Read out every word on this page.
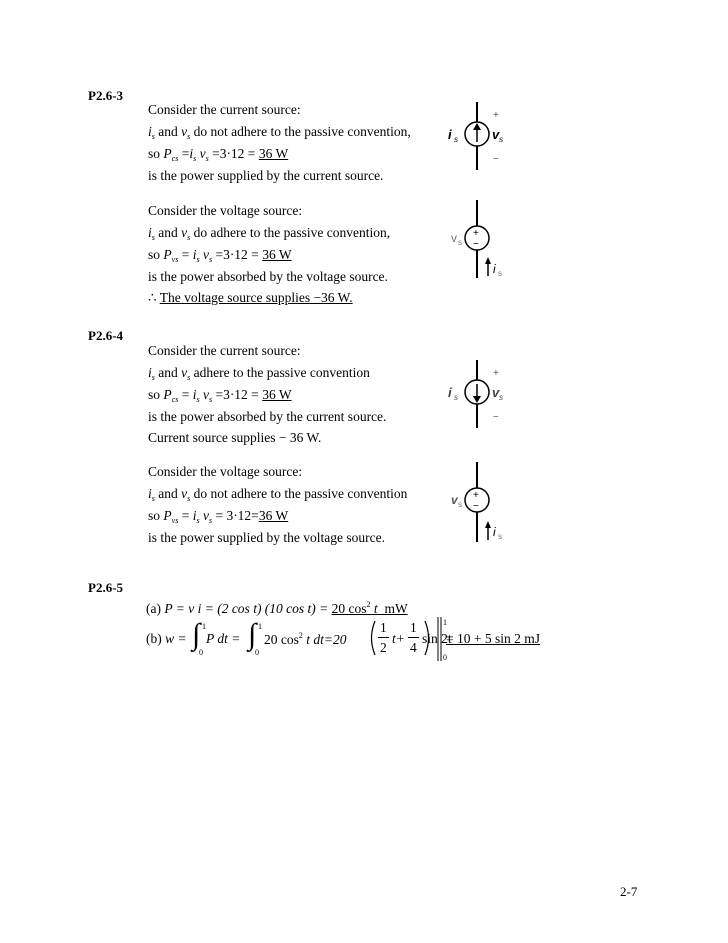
P2.6-3
Consider the current source:
$i_s$ and $v_s$ do not adhere to the passive convention,
so $P_{cs} =i_s$ $v_s =3\cdot 12 = 36$ W
is the power supplied by the current source.
Consider the voltage source:
$i_s$ and $v_s$ do adhere to the passive convention,
so $P_{vs} = i_s$ $v_s =3\cdot 12 = 36$ W
is the power absorbed by the voltage source.
∴ The voltage source supplies −36 W.
i s	v s
+
−
+
−
v s
i s
P2.6-4
Consider the current source:
$i_s$ and $v_s$ adhere to the passive convention
so $P_{cs} = i_s$ $v_s =3\cdot 12 = 36$ W
is the power absorbed by the current source.
Current source supplies − 36 W.
Consider the voltage source:
$i_s$ and $v_s$ do not adhere to the passive convention
so $P_{vs} = i_s$ $v_s = 3\cdot 12=36$ W
is the power supplied by the voltage source.
i s	v s
+
−
+
−
v s
i s
P2.6-5
(a) P = v i = (2 cos t) (10 cos t) = 20 $\cos^2 t$ mW
(b) w = ∫ 1
0
P dt = ∫ 1
0
20 $\cos^2 t$ dt=20
1
2
t+
1
4
sin 2t
1
0
= 10 + 5 sin 2 mJ
2-7
